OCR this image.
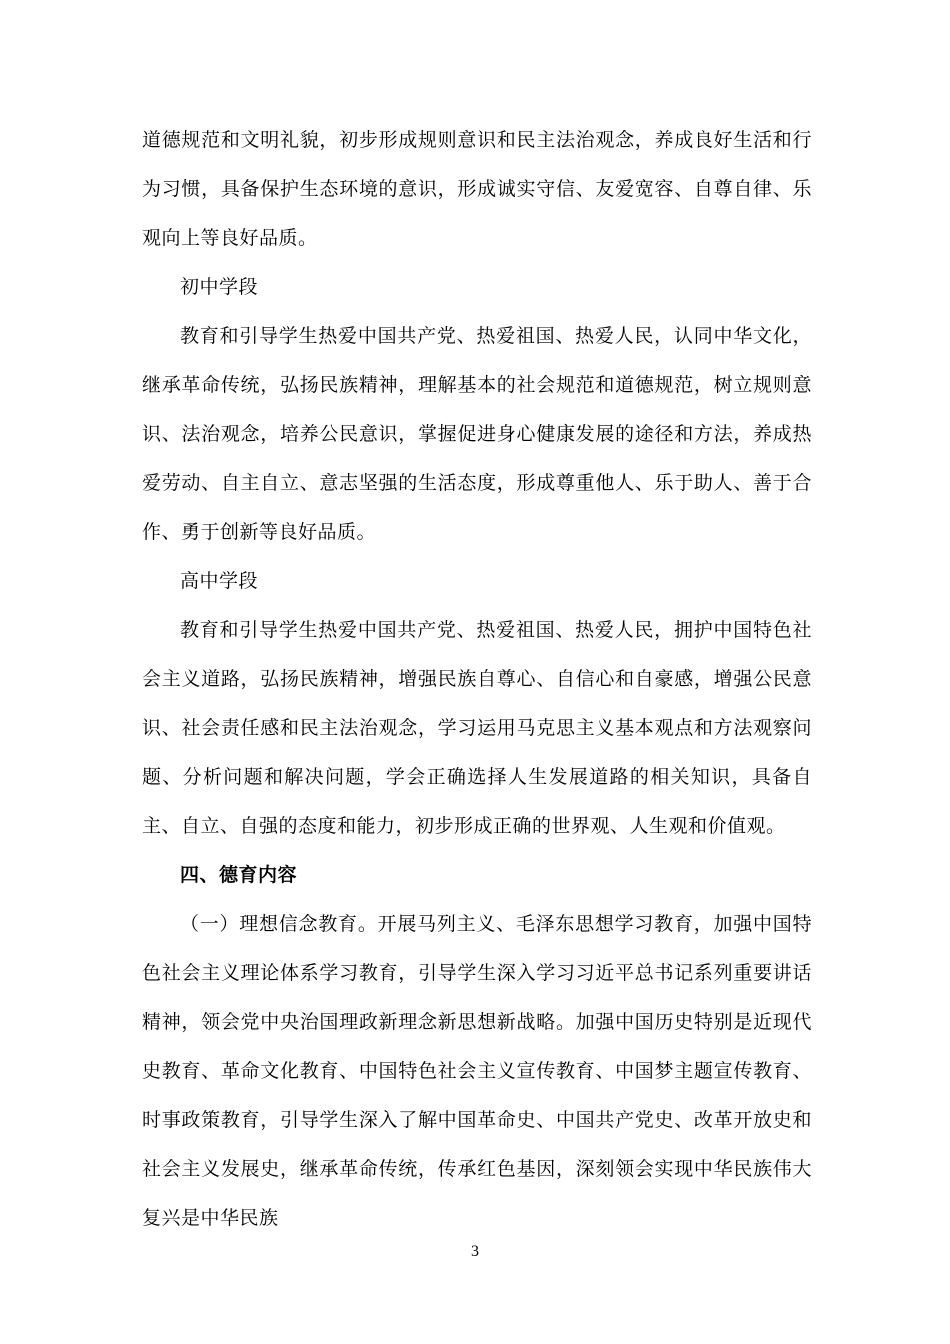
道德规范和文明礼貌，初步形成规则意识和民主法治观念，养成良好生活和行为习惯，具备保护生态环境的意识，形成诚实守信、友爱宽容、自尊自律、乐观向上等良好品质。

初中学段

教育和引导学生热爱中国共产党、热爱祖国、热爱人民，认同中华文化，继承革命传统，弘扬民族精神，理解基本的社会规范和道德规范，树立规则意识、法治观念，培养公民意识，掌握促进身心健康发展的途径和方法，养成热爱劳动、自主自立、意志坚强的生活态度，形成尊重他人、乐于助人、善于合作、勇于创新等良好品质。

高中学段

教育和引导学生热爱中国共产党、热爱祖国、热爱人民，拥护中国特色社会主义道路，弘扬民族精神，增强民族自尊心、自信心和自豪感，增强公民意识、社会责任感和民主法治观念，学习运用马克思主义基本观点和方法观察问题、分析问题和解决问题，学会正确选择人生发展道路的相关知识，具备自主、自立、自强的态度和能力，初步形成正确的世界观、人生观和价值观。

四、德育内容

（一）理想信念教育。开展马列主义、毛泽东思想学习教育，加强中国特色社会主义理论体系学习教育，引导学生深入学习习近平总书记系列重要讲话精神，领会党中央治国理政新理念新思想新战略。加强中国历史特别是近现代史教育、革命文化教育、中国特色社会主义宣传教育、中国梦主题宣传教育、时事政策教育，引导学生深入了解中国革命史、中国共产党史、改革开放史和社会主义发展史，继承革命传统，传承红色基因，深刻领会实现中华民族伟大复兴是中华民族

3
